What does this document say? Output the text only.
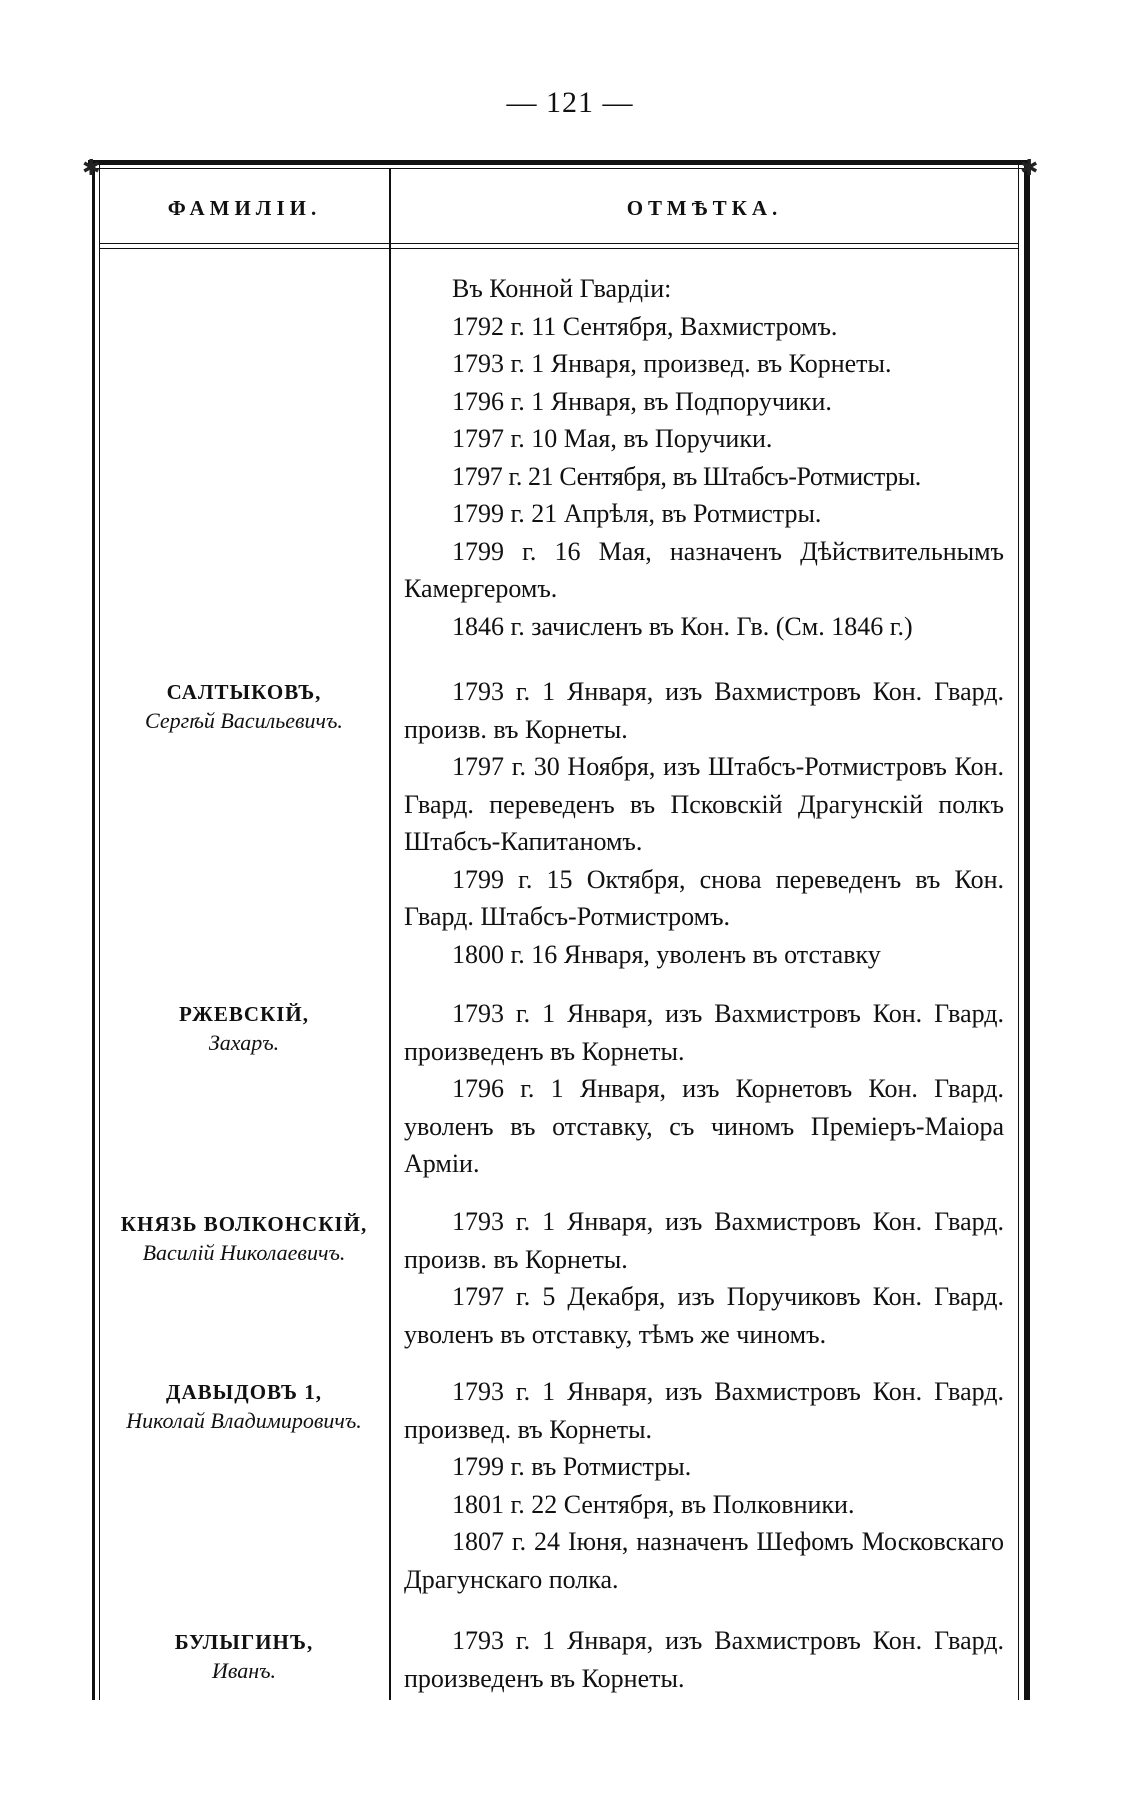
— 121 —
✱	✱
ФАМИЛІИ.	ОТМѢТКА.

Въ Конной Гвардіи:

1792 г. 11 Сентября, Вахмистромъ.

1793 г. 1 Января, произвед. въ Корнеты.

1796 г. 1 Января, въ Подпоручики.

1797 г. 10 Мая, въ Поручики.

1797 г. 21 Сентября, въ Штабсъ-Ротмистры.

1799 г. 21 Апрѣля, въ Ротмистры.

1799 г. 16 Мая, назначенъ Дѣйствительнымъ Камергеромъ.

1846 г. зачисленъ въ Кон. Гв. (См. 1846 г.)

САЛТЫКОВЪ,
Сергѣй Васильевичъ.

1793 г. 1 Января, изъ Вахмистровъ Кон. Гвард. произв. въ Корнеты.

1797 г. 30 Ноября, изъ Штабсъ-Ротмистровъ Кон. Гвард. переведенъ въ Псковскій Драгунскій полкъ Штабсъ-Капитаномъ.

1799 г. 15 Октября, снова переведенъ въ Кон. Гвард. Штабсъ-Ротмистромъ.

1800 г. 16 Января, уволенъ въ отставку

РЖЕВСКІЙ,
Захаръ.

1793 г. 1 Января, изъ Вахмистровъ Кон. Гвард. произведенъ въ Корнеты.

1796 г. 1 Января, изъ Корнетовъ Кон. Гвард. уволенъ въ отставку, съ чиномъ Преміеръ-Маіора Арміи.

КНЯЗЬ ВОЛКОНСКІЙ,
Василій Николаевичъ.

1793 г. 1 Января, изъ Вахмистровъ Кон. Гвард. произв. въ Корнеты.

1797 г. 5 Декабря, изъ Поручиковъ Кон. Гвард. уволенъ въ отставку, тѣмъ же чиномъ.

ДАВЫДОВЪ 1,
Николай Владимировичъ.

1793 г. 1 Января, изъ Вахмистровъ Кон. Гвард. произвед. въ Корнеты.

1799 г. въ Ротмистры.

1801 г. 22 Сентября, въ Полковники.

1807 г. 24 Іюня, назначенъ Шефомъ Московскаго Драгунскаго полка.

БУЛЫГИНЪ,
Иванъ.

1793 г. 1 Января, изъ Вахмистровъ Кон. Гвард. произведенъ въ Корнеты.
